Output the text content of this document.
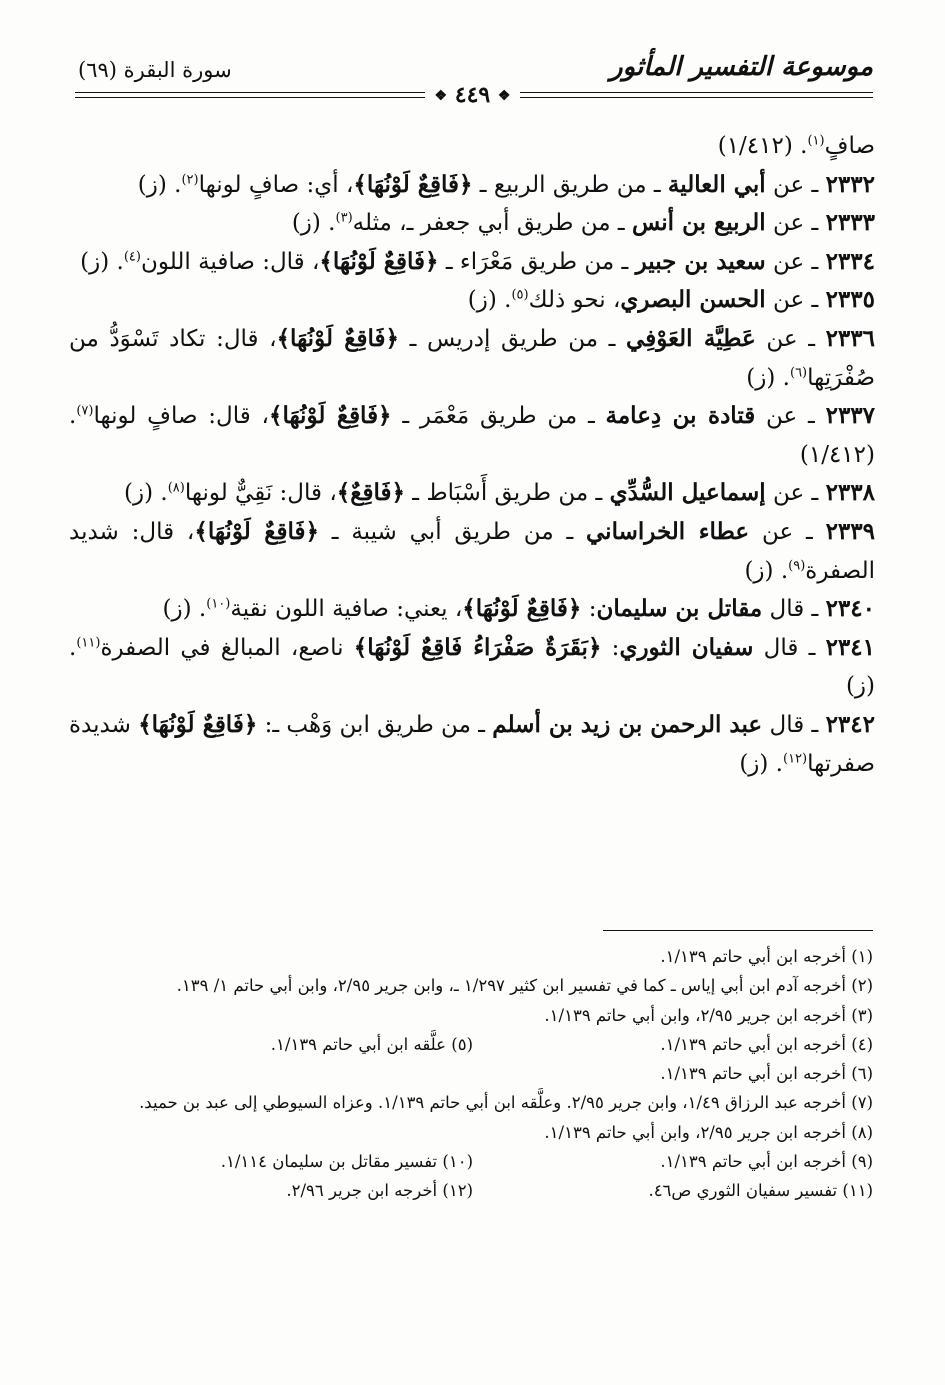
موسوعة التفسير المأثور
سورة البقرة (٦٩)
❖ ٤٤٩ ❖

صافٍ$^{(١)}$. (١/٤١٢)

٢٣٣٢ ـ عن أبي العالية ـ من طريق الربيع ـ ﴿فَاقِعٌ لَوْنُهَا﴾، أي: صافٍ لونها$^{(٢)}$. (ز)

٢٣٣٣ ـ عن الربيع بن أنس ـ من طريق أبي جعفر ـ، مثله$^{(٣)}$. (ز)

٢٣٣٤ ـ عن سعيد بن جبير ـ من طريق مَعْرَاء ـ ﴿فَاقِعٌ لَوْنُهَا﴾، قال: صافية اللون$^{(٤)}$. (ز)

٢٣٣٥ ـ عن الحسن البصري، نحو ذلك$^{(٥)}$. (ز)

٢٣٣٦ ـ عن عَطِيَّة العَوْفِي ـ من طريق إدريس ـ ﴿فَاقِعٌ لَوْنُهَا﴾، قال: تكاد تَسْوَدُّ من صُفْرَتِها$^{(٦)}$. (ز)

٢٣٣٧ ـ عن قتادة بن دِعامة ـ من طريق مَعْمَر ـ ﴿فَاقِعٌ لَوْنُهَا﴾، قال: صافٍ لونها$^{(٧)}$. (١/٤١٢)

٢٣٣٨ ـ عن إسماعيل السُّدِّي ـ من طريق أَسْبَاط ـ ﴿فَاقِعٌ﴾، قال: نَقِيٌّ لونها$^{(٨)}$. (ز)

٢٣٣٩ ـ عن عطاء الخراساني ـ من طريق أبي شيبة ـ ﴿فَاقِعٌ لَوْنُهَا﴾، قال: شديد الصفرة$^{(٩)}$. (ز)

٢٣٤٠ ـ قال مقاتل بن سليمان: ﴿فَاقِعٌ لَوْنُهَا﴾، يعني: صافية اللون نقية$^{(١٠)}$. (ز)

٢٣٤١ ـ قال سفيان الثوري: ﴿بَقَرَةٌ صَفْرَاءُ فَاقِعٌ لَوْنُهَا﴾ ناصع، المبالغ في الصفرة$^{(١١)}$. (ز)

٢٣٤٢ ـ قال عبد الرحمن بن زيد بن أسلم ـ من طريق ابن وَهْب ـ: ﴿فَاقِعٌ لَوْنُهَا﴾ شديدة صفرتها$^{(١٢)}$. (ز)

(١) أخرجه ابن أبي حاتم ١/١٣٩.

(٢) أخرجه آدم ابن أبي إياس ـ كما في تفسير ابن كثير ١/٢٩٧ ـ، وابن جرير ٢/٩٥، وابن أبي حاتم ١/ ١٣٩.

(٣) أخرجه ابن جرير ٢/٩٥، وابن أبي حاتم ١/١٣٩.

(٤) أخرجه ابن أبي حاتم ١/١٣٩.
(٥) علَّقه ابن أبي حاتم ١/١٣٩.

(٦) أخرجه ابن أبي حاتم ١/١٣٩.

(٧) أخرجه عبد الرزاق ١/٤٩، وابن جرير ٢/٩٥. وعلَّقه ابن أبي حاتم ١/١٣٩. وعزاه السيوطي إلى عبد بن حميد.

(٨) أخرجه ابن جرير ٢/٩٥، وابن أبي حاتم ١/١٣٩.

(٩) أخرجه ابن أبي حاتم ١/١٣٩.
(١٠) تفسير مقاتل بن سليمان ١/١١٤.
(١١) تفسير سفيان الثوري ص٤٦.
(١٢) أخرجه ابن جرير ٢/٩٦.
